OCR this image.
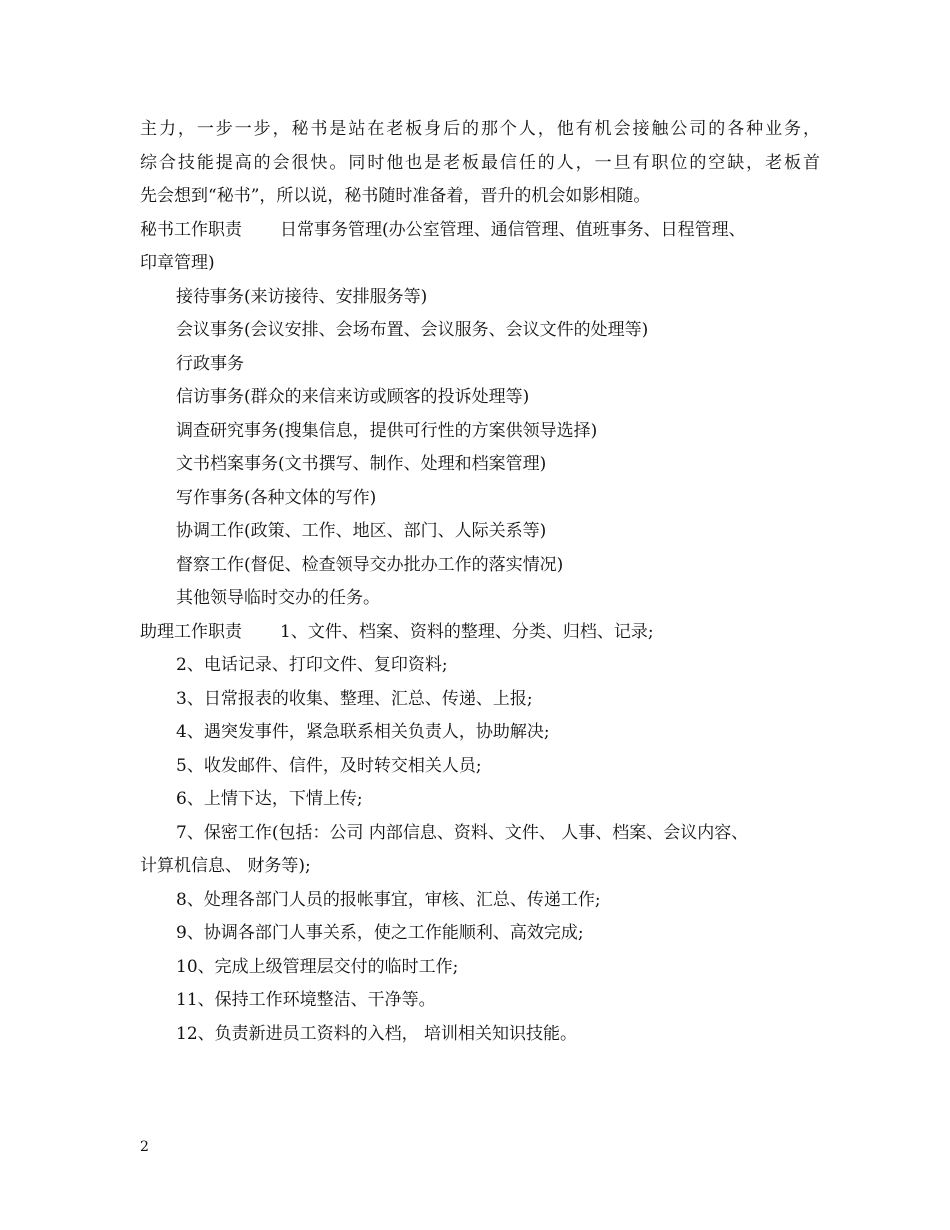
主力，一步一步，秘书是站在老板身后的那个人，他有机会接触公司的各种业务，
综合技能提高的会很快。同时他也是老板最信任的人，一旦有职位的空缺，老板首
先会想到“秘书”，所以说，秘书随时准备着，晋升的机会如影相随。
秘书工作职责 日常事务管理(办公室管理、通信管理、值班事务、日程管理、
印章管理)
接待事务(来访接待、安排服务等)
会议事务(会议安排、会场布置、会议服务、会议文件的处理等)
行政事务
信访事务(群众的来信来访或顾客的投诉处理等)
调查研究事务(搜集信息，提供可行性的方案供领导选择)
文书档案事务(文书撰写、制作、处理和档案管理)
写作事务(各种文体的写作)
协调工作(政策、工作、地区、部门、人际关系等)
督察工作(督促、检查领导交办批办工作的落实情况)
其他领导临时交办的任务。
助理工作职责 1、文件、档案、资料的整理、分类、归档、记录;
2、电话记录、打印文件、复印资料;
3、日常报表的收集、整理、汇总、传递、上报;
4、遇突发事件，紧急联系相关负责人，协助解决;
5、收发邮件、信件，及时转交相关人员;
6、上情下达，下情上传;
7、保密工作(包括：公司 内部信息、资料、文件、 人事、档案、会议内容、
计算机信息、 财务等);
8、处理各部门人员的报帐事宜，审核、汇总、传递工作;
9、协调各部门人事关系，使之工作能顺利、高效完成;
10、完成上级管理层交付的临时工作;
11、保持工作环境整洁、干净等。
12、负责新进员工资料的入档， 培训相关知识技能。
2
